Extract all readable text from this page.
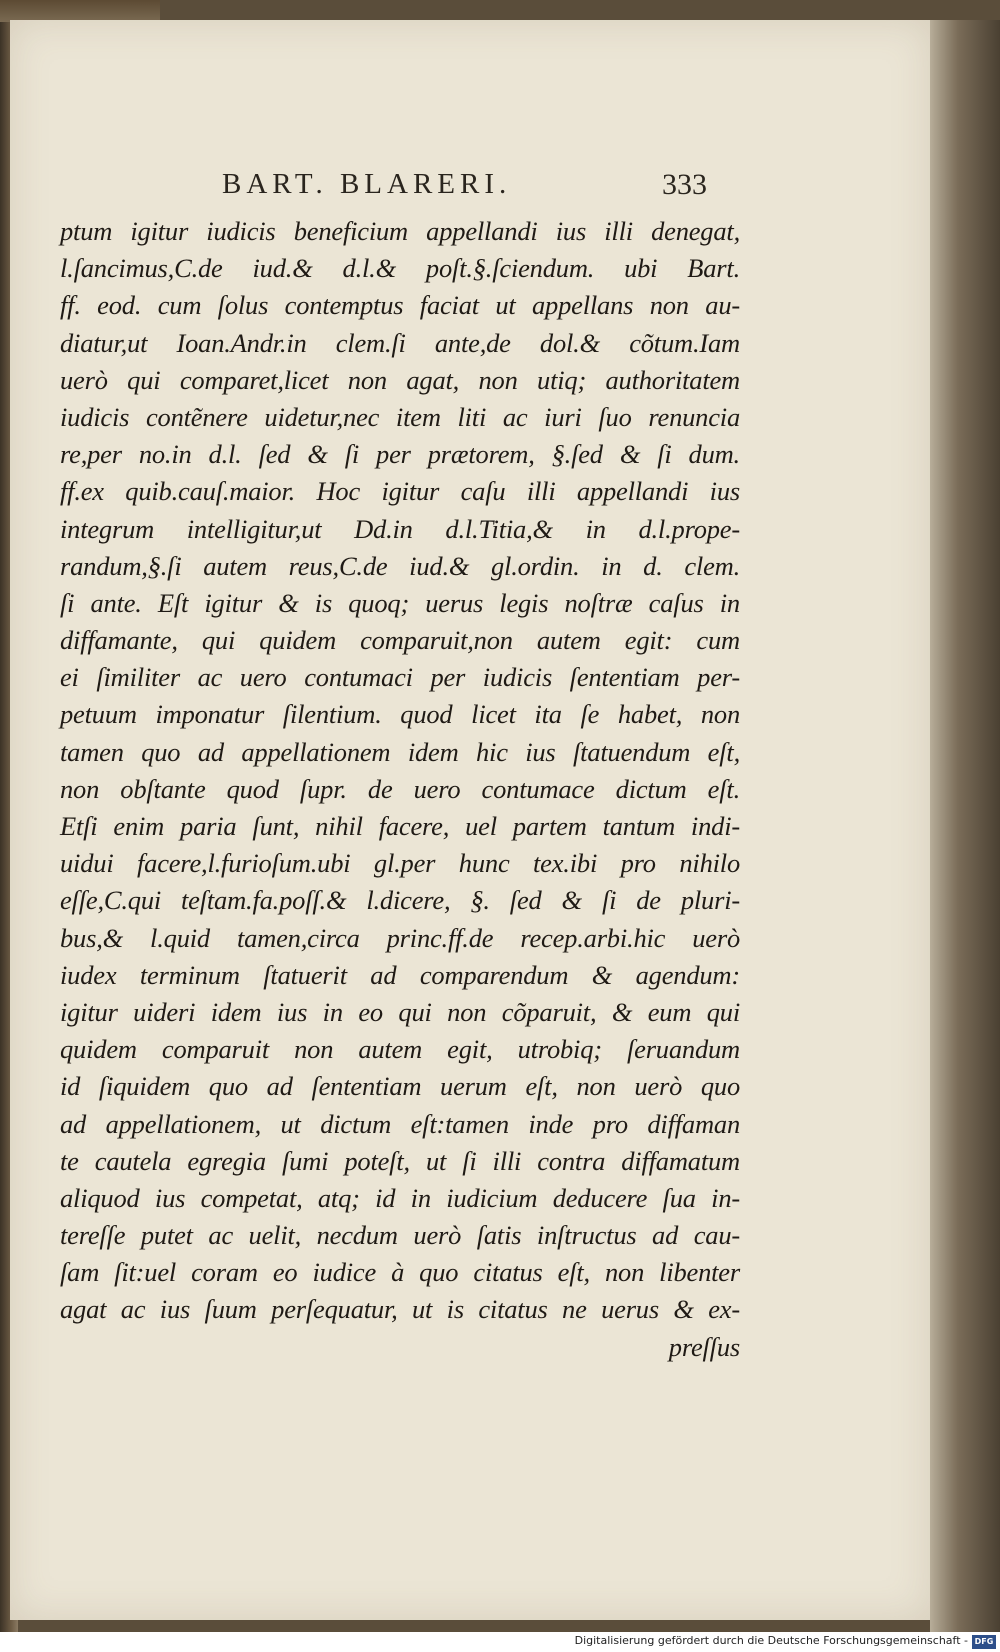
BART. BLARERI.	333
ptum igitur iudicis beneficium appellandi ius illi denegat,
l.ſancimus,C.de iud.& d.l.& poſt.§.ſciendum. ubi Bart.
ff. eod. cum ſolus contemptus faciat ut appellans non au-
diatur,ut Ioan.Andr.in clem.ſi ante,de dol.& cõtum.Iam
uerò qui comparet,licet non agat, non utiq; authoritatem
iudicis contẽnere uidetur,nec item liti ac iuri ſuo renuncia
re,per no.in d.l. ſed & ſi per prætorem, §.ſed & ſi dum.
ff.ex quib.cauſ.maior. Hoc igitur caſu illi appellandi ius
integrum intelligitur,ut Dd.in d.l.Titia,& in d.l.prope-
randum,§.ſi autem reus,C.de iud.& gl.ordin. in d. clem.
ſi ante. Eſt igitur & is quoq; uerus legis noſtræ caſus in
diffamante, qui quidem comparuit,non autem egit: cum
ei ſimiliter ac uero contumaci per iudicis ſententiam per-
petuum imponatur ſilentium. quod licet ita ſe habet, non
tamen quo ad appellationem idem hic ius ſtatuendum eſt,
non obſtante quod ſupr. de uero contumace dictum eſt.
Etſi enim paria ſunt, nihil facere, uel partem tantum indi-
uidui facere,l.furioſum.ubi gl.per hunc tex.ibi pro nihilo
eſſe,C.qui teſtam.fa.poſſ.& l.dicere, §. ſed & ſi de pluri-
bus,& l.quid tamen,circa princ.ff.de recep.arbi.hic uerò
iudex terminum ſtatuerit ad comparendum & agendum:
igitur uideri idem ius in eo qui non cõparuit, & eum qui
quidem comparuit non autem egit, utrobiq; ſeruandum
id ſiquidem quo ad ſententiam uerum eſt, non uerò quo
ad appellationem, ut dictum eſt:tamen inde pro diffaman
te cautela egregia ſumi poteſt, ut ſi illi contra diffamatum
aliquod ius competat, atq; id in iudicium deducere ſua in-
tereſſe putet ac uelit, necdum uerò ſatis inſtructus ad cau-
ſam ſit:uel coram eo iudice à quo citatus eſt, non libenter
agat ac ius ſuum perſequatur, ut is citatus ne uerus & ex-
preſſus
Digitalisierung gefördert durch die Deutsche Forschungsgemeinschaft - DFG
